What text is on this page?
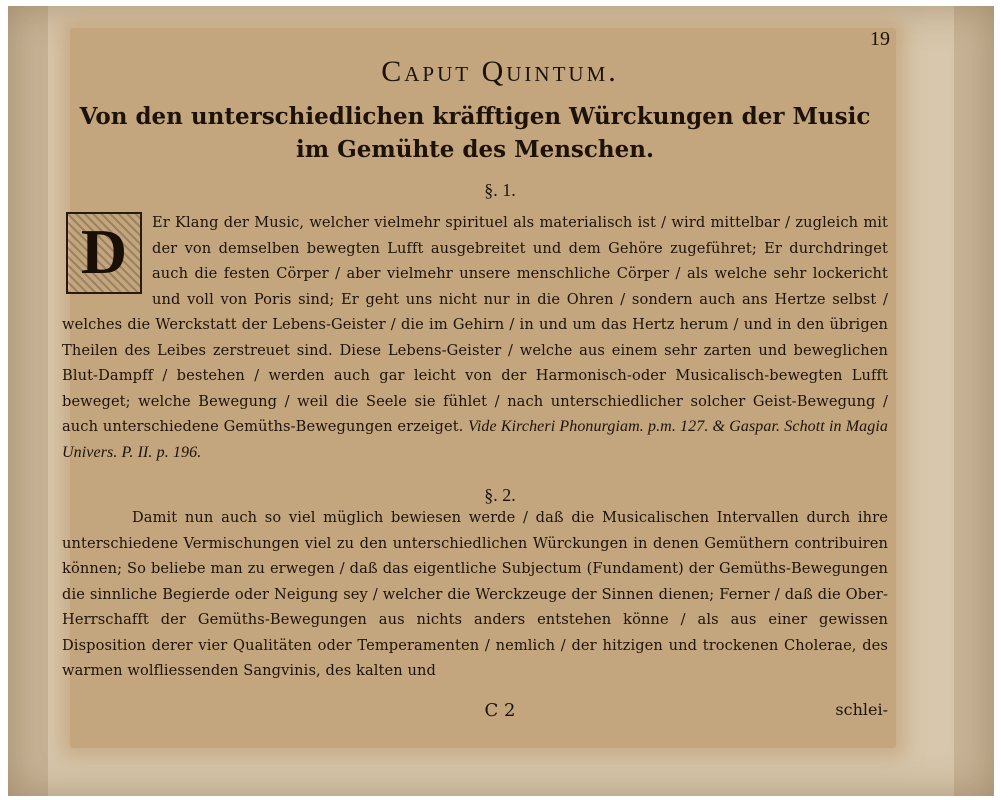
19
Caput Quintum.
Von den unterschiedlichen kräfftigen Würckungen der Music im Gemühte des Menschen.
§. 1.
D	Er Klang der Music, welcher vielmehr spirituel als materialisch ist / wird mittelbar / zugleich mit der von demselben bewegten Lufft ausgebreitet und dem Gehöre zugeführet; Er durchdringet auch die festen Cörper / aber vielmehr unsere menschliche Cörper / als welche sehr lockericht und voll von Poris sind; Er geht uns nicht nur in die Ohren / sondern auch ans Hertze selbst / welches die Werckstatt der Lebens-Geister / die im Gehirn / in und um das Hertz herum / und in den übrigen Theilen des Leibes zerstreuet sind. Diese Lebens-Geister / welche aus einem sehr zarten und beweglichen Blut-Dampff / bestehen / werden auch gar leicht von der Harmonisch-oder Musicalisch-bewegten Lufft beweget; welche Bewegung / weil die Seele sie fühlet / nach unterschiedlicher solcher Geist-Bewegung / auch unterschiedene Gemüths-Bewegungen erzeiget. Vide Kircheri Phonurgiam. p.m. 127. & Gaspar. Schott in Magia Univers. P. II. p. 196.
§. 2.
Damit nun auch so viel müglich bewiesen werde / daß die Musicalischen Intervallen durch ihre unterschiedene Vermischungen viel zu den unterschiedlichen Würckungen in denen Gemüthern contribuiren können; So beliebe man zu erwegen / daß das eigentliche Subjectum (Fundament) der Gemüths-Bewegungen die sinnliche Begierde oder Neigung sey / welcher die Werckzeuge der Sinnen dienen; Ferner / daß die Ober-Herrschafft der Gemüths-Bewegungen aus nichts anders entstehen könne / als aus einer gewissen Disposition derer vier Qualitäten oder Temperamenten / nemlich / der hitzigen und trockenen Cholerae, des warmen wolfliessenden Sangvinis, des kalten und
C 2	schlei-
